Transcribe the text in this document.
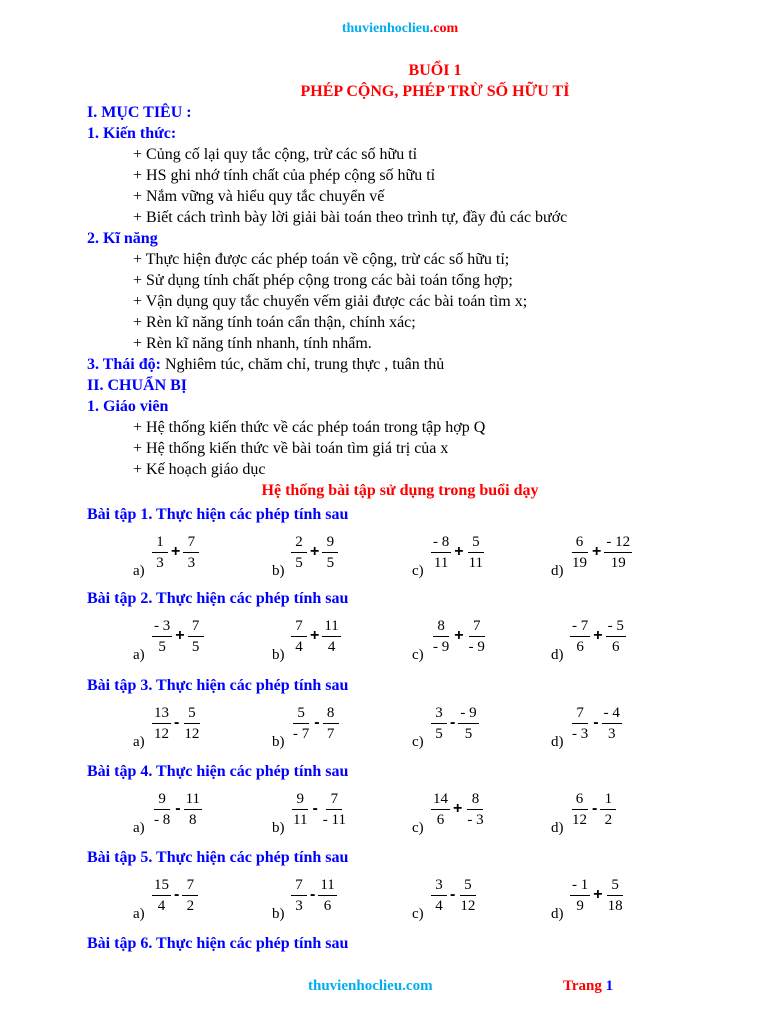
thuvienhoclieu.com
BUỔI 1
PHÉP CỘNG, PHÉP TRỪ SỐ HỮU TỈ
I. MỤC TIÊU :
1. Kiến thức:
+ Củng cố lại quy tắc cộng, trừ các số hữu tỉ
+ HS ghi nhớ tính chất của phép cộng số hữu tỉ
+ Nắm vững và hiểu quy tắc chuyển vế
+ Biết cách trình bày lời giải bài toán theo trình tự, đầy đủ các bước
2. Kĩ năng
+ Thực hiện được các phép toán về cộng, trừ các số hữu tỉ;
+ Sử dụng tính chất phép cộng trong các bài toán tổng hợp;
+ Vận dụng quy tắc chuyển vếm giải được các bài toán tìm x;
+ Rèn kĩ năng tính toán cẩn thận, chính xác;
+ Rèn kĩ năng tính nhanh, tính nhẩm.
3. Thái độ: Nghiêm túc, chăm chỉ, trung thực , tuân thủ
II. CHUẨN BỊ
1. Giáo viên
+ Hệ thống kiến thức về các phép toán trong tập hợp Q
+ Hệ thống kiến thức về bài toán tìm giá trị của x
+ Kế hoạch giáo dục
Hệ thống bài tập sử dụng trong buổi dạy
Bài tập 1. Thực hiện các phép tính sau
$a) \frac{1}{3} + \frac{7}{3}$	$b) \frac{2}{5} + \frac{9}{5}$	$c) \frac{- 8}{11} + \frac{5}{11}$	$d) \frac{6}{19} + \frac{- 12}{19}$
Bài tập 2. Thực hiện các phép tính sau
$a) \frac{- 3}{5} + \frac{7}{5}$	$b) \frac{7}{4} + \frac{11}{4}$	$c) \frac{8}{- 9} + \frac{7}{- 9}$	$d) \frac{- 7}{6} + \frac{- 5}{6}$
Bài tập 3. Thực hiện các phép tính sau
$a) \frac{13}{12} - \frac{5}{12}$	$b) \frac{5}{- 7} - \frac{8}{7}$	$c) \frac{3}{5} - \frac{- 9}{5}$	$d) \frac{7}{- 3} - \frac{- 4}{3}$
Bài tập 4. Thực hiện các phép tính sau
$a) \frac{9}{- 8} - \frac{11}{8}$	$b) \frac{9}{11} - \frac{7}{- 11}$	$c) \frac{14}{6} + \frac{8}{- 3}$	$d) \frac{6}{12} - \frac{1}{2}$
Bài tập 5. Thực hiện các phép tính sau
$a) \frac{15}{4} - \frac{7}{2}$	$b) \frac{7}{3} - \frac{11}{6}$	$c) \frac{3}{4} - \frac{5}{12}$	$d) \frac{- 1}{9} + \frac{5}{18}$
Bài tập 6. Thực hiện các phép tính sau
thuvienhoclieu.com	Trang 1
